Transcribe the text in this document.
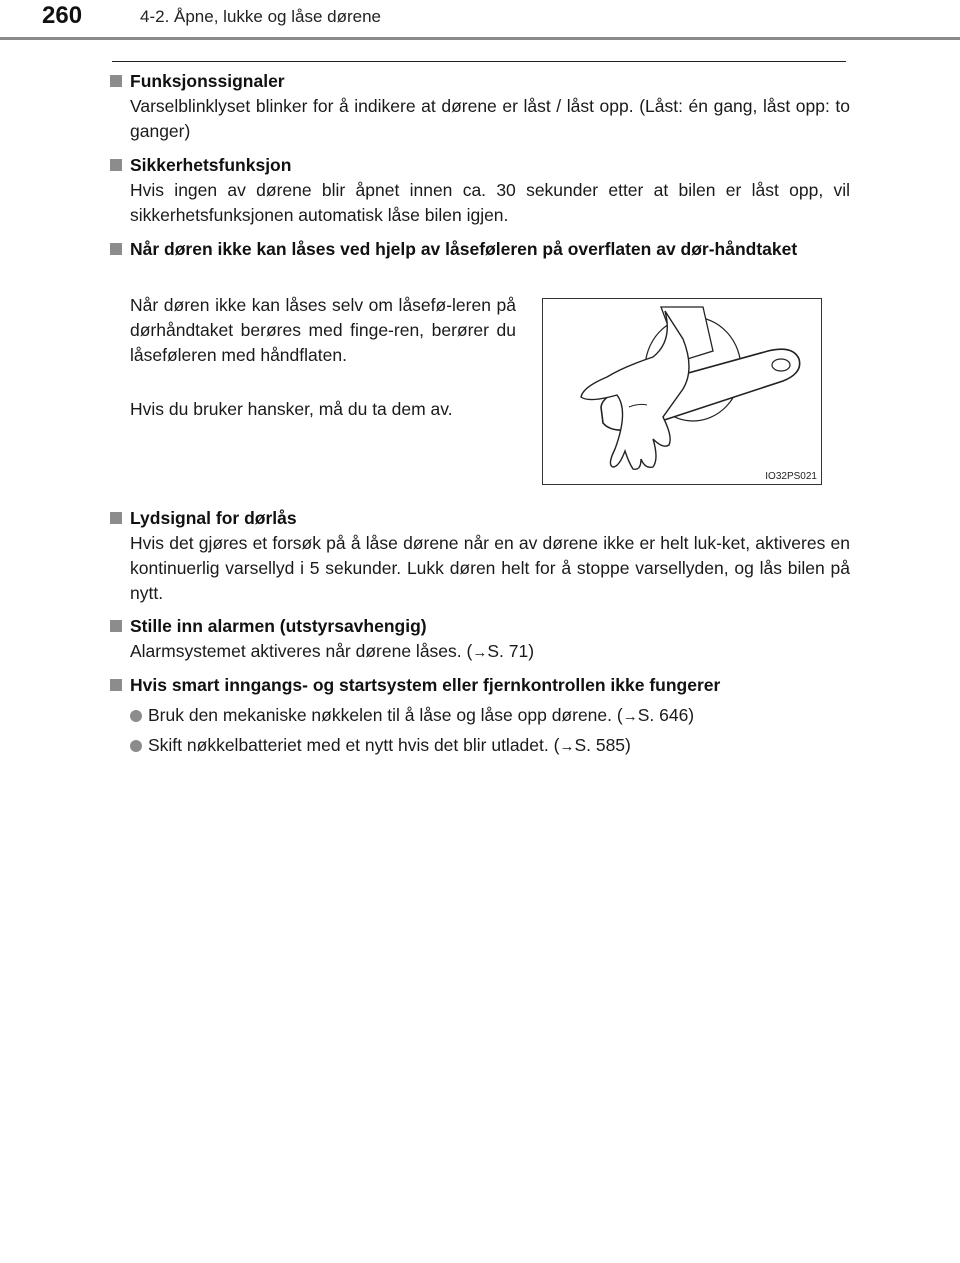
260	4-2. Åpne, lukke og låse dørene
Funksjonssignaler
Varselblinklyset blinker for å indikere at dørene er låst / låst opp. (Låst: én gang, låst opp: to ganger)
Sikkerhetsfunksjon
Hvis ingen av dørene blir åpnet innen ca. 30 sekunder etter at bilen er låst opp, vil sikkerhetsfunksjonen automatisk låse bilen igjen.
Når døren ikke kan låses ved hjelp av låseføleren på overflaten av dør-håndtaket
Når døren ikke kan låses selv om låsefø-leren på dørhåndtaket berøres med finge-ren, berører du låseføleren med håndflaten.
Hvis du bruker hansker, må du ta dem av.
IO32PS021
Lydsignal for dørlås
Hvis det gjøres et forsøk på å låse dørene når en av dørene ikke er helt luk-ket, aktiveres en kontinuerlig varsellyd i 5 sekunder. Lukk døren helt for å stoppe varsellyden, og lås bilen på nytt.
Stille inn alarmen (utstyrsavhengig)
Alarmsystemet aktiveres når dørene låses. (→S. 71)
Hvis smart inngangs- og startsystem eller fjernkontrollen ikke fungerer
Bruk den mekaniske nøkkelen til å låse og låse opp dørene. (→S. 646)
Skift nøkkelbatteriet med et nytt hvis det blir utladet. (→S. 585)
